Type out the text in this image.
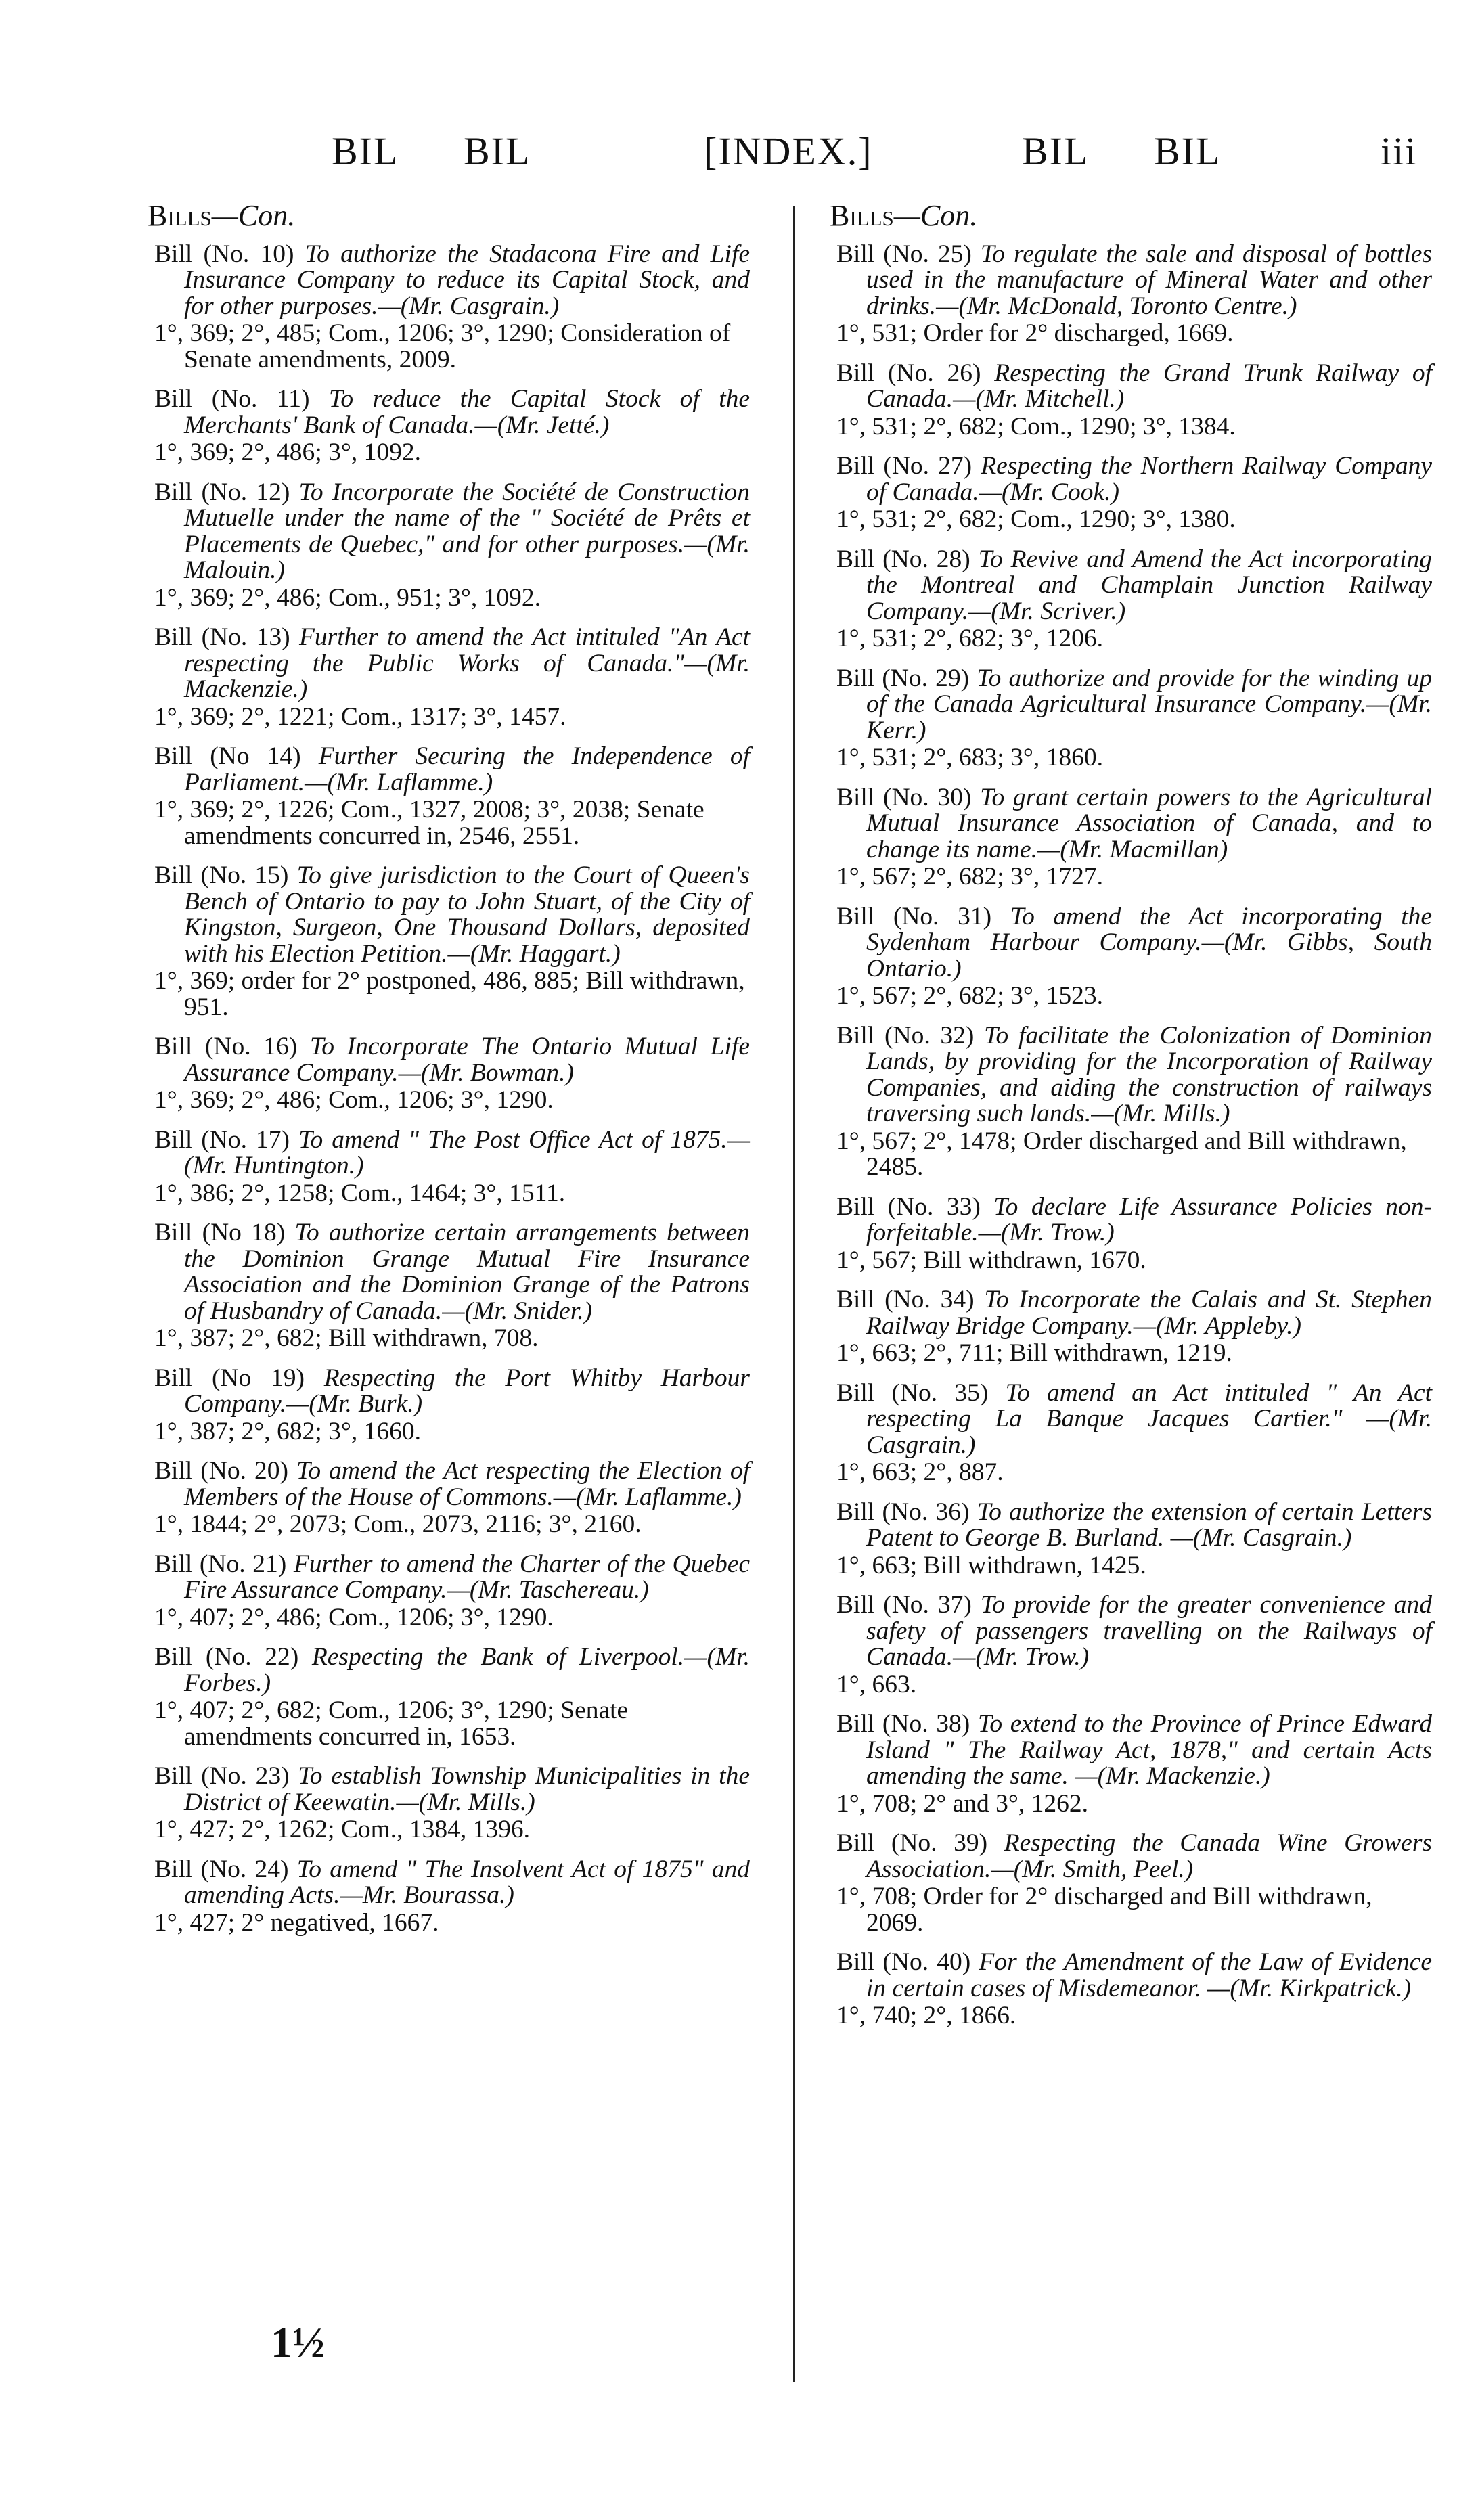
BIL BIL	[INDEX.]	BIL BIL	iii
Bills—Con.
Bill (No. 10) To authorize the Stadacona Fire and Life Insurance Company to reduce its Capital Stock, and for other purposes.—(Mr. Casgrain.)
1°, 369; 2°, 485; Com., 1206; 3°, 1290; Consideration of Senate amendments, 2009.
Bill (No. 11) To reduce the Capital Stock of the Merchants' Bank of Canada.—(Mr. Jetté.)
1°, 369; 2°, 486; 3°, 1092.
Bill (No. 12) To Incorporate the Société de Construction Mutuelle under the name of the " Société de Prêts et Placements de Quebec," and for other purposes.—(Mr. Malouin.)
1°, 369; 2°, 486; Com., 951; 3°, 1092.
Bill (No. 13) Further to amend the Act intituled "An Act respecting the Public Works of Canada."—(Mr. Mackenzie.)
1°, 369; 2°, 1221; Com., 1317; 3°, 1457.
Bill (No 14) Further Securing the Independence of Parliament.—(Mr. Laflamme.)
1°, 369; 2°, 1226; Com., 1327, 2008; 3°, 2038; Senate amendments concurred in, 2546, 2551.
Bill (No. 15) To give jurisdiction to the Court of Queen's Bench of Ontario to pay to John Stuart, of the City of Kingston, Surgeon, One Thousand Dollars, deposited with his Election Petition.—(Mr. Haggart.)
1°, 369; order for 2° postponed, 486, 885; Bill withdrawn, 951.
Bill (No. 16) To Incorporate The Ontario Mutual Life Assurance Company.—(Mr. Bowman.)
1°, 369; 2°, 486; Com., 1206; 3°, 1290.
Bill (No. 17) To amend " The Post Office Act of 1875.—(Mr. Huntington.)
1°, 386; 2°, 1258; Com., 1464; 3°, 1511.
Bill (No 18) To authorize certain arrangements between the Dominion Grange Mutual Fire Insurance Association and the Dominion Grange of the Patrons of Husbandry of Canada.—(Mr. Snider.)
1°, 387; 2°, 682; Bill withdrawn, 708.
Bill (No 19) Respecting the Port Whitby Harbour Company.—(Mr. Burk.)
1°, 387; 2°, 682; 3°, 1660.
Bill (No. 20) To amend the Act respecting the Election of Members of the House of Commons.—(Mr. Laflamme.)
1°, 1844; 2°, 2073; Com., 2073, 2116; 3°, 2160.
Bill (No. 21) Further to amend the Charter of the Quebec Fire Assurance Company.—(Mr. Taschereau.)
1°, 407; 2°, 486; Com., 1206; 3°, 1290.
Bill (No. 22) Respecting the Bank of Liverpool.—(Mr. Forbes.)
1°, 407; 2°, 682; Com., 1206; 3°, 1290; Senate amendments concurred in, 1653.
Bill (No. 23) To establish Township Municipalities in the District of Keewatin.—(Mr. Mills.)
1°, 427; 2°, 1262; Com., 1384, 1396.
Bill (No. 24) To amend " The Insolvent Act of 1875" and amending Acts.—Mr. Bourassa.)
1°, 427; 2° negatived, 1667.
Bills—Con.
Bill (No. 25) To regulate the sale and disposal of bottles used in the manufacture of Mineral Water and other drinks.—(Mr. McDonald, Toronto Centre.)
1°, 531; Order for 2° discharged, 1669.
Bill (No. 26) Respecting the Grand Trunk Railway of Canada.—(Mr. Mitchell.)
1°, 531; 2°, 682; Com., 1290; 3°, 1384.
Bill (No. 27) Respecting the Northern Railway Company of Canada.—(Mr. Cook.)
1°, 531; 2°, 682; Com., 1290; 3°, 1380.
Bill (No. 28) To Revive and Amend the Act incorporating the Montreal and Champlain Junction Railway Company.—(Mr. Scriver.)
1°, 531; 2°, 682; 3°, 1206.
Bill (No. 29) To authorize and provide for the winding up of the Canada Agricultural Insurance Company.—(Mr. Kerr.)
1°, 531; 2°, 683; 3°, 1860.
Bill (No. 30) To grant certain powers to the Agricultural Mutual Insurance Association of Canada, and to change its name.—(Mr. Macmillan)
1°, 567; 2°, 682; 3°, 1727.
Bill (No. 31) To amend the Act incorporating the Sydenham Harbour Company.—(Mr. Gibbs, South Ontario.)
1°, 567; 2°, 682; 3°, 1523.
Bill (No. 32) To facilitate the Colonization of Dominion Lands, by providing for the Incorporation of Railway Companies, and aiding the construction of railways traversing such lands.—(Mr. Mills.)
1°, 567; 2°, 1478; Order discharged and Bill withdrawn, 2485.
Bill (No. 33) To declare Life Assurance Policies non-forfeitable.—(Mr. Trow.)
1°, 567; Bill withdrawn, 1670.
Bill (No. 34) To Incorporate the Calais and St. Stephen Railway Bridge Company.—(Mr. Appleby.)
1°, 663; 2°, 711; Bill withdrawn, 1219.
Bill (No. 35) To amend an Act intituled " An Act respecting La Banque Jacques Cartier." —(Mr. Casgrain.)
1°, 663; 2°, 887.
Bill (No. 36) To authorize the extension of certain Letters Patent to George B. Burland. —(Mr. Casgrain.)
1°, 663; Bill withdrawn, 1425.
Bill (No. 37) To provide for the greater convenience and safety of passengers travelling on the Railways of Canada.—(Mr. Trow.)
1°, 663.
Bill (No. 38) To extend to the Province of Prince Edward Island " The Railway Act, 1878," and certain Acts amending the same. —(Mr. Mackenzie.)
1°, 708; 2° and 3°, 1262.
Bill (No. 39) Respecting the Canada Wine Growers Association.—(Mr. Smith, Peel.)
1°, 708; Order for 2° discharged and Bill withdrawn, 2069.
Bill (No. 40) For the Amendment of the Law of Evidence in certain cases of Misdemeanor. —(Mr. Kirkpatrick.)
1°, 740; 2°, 1866.
1½
